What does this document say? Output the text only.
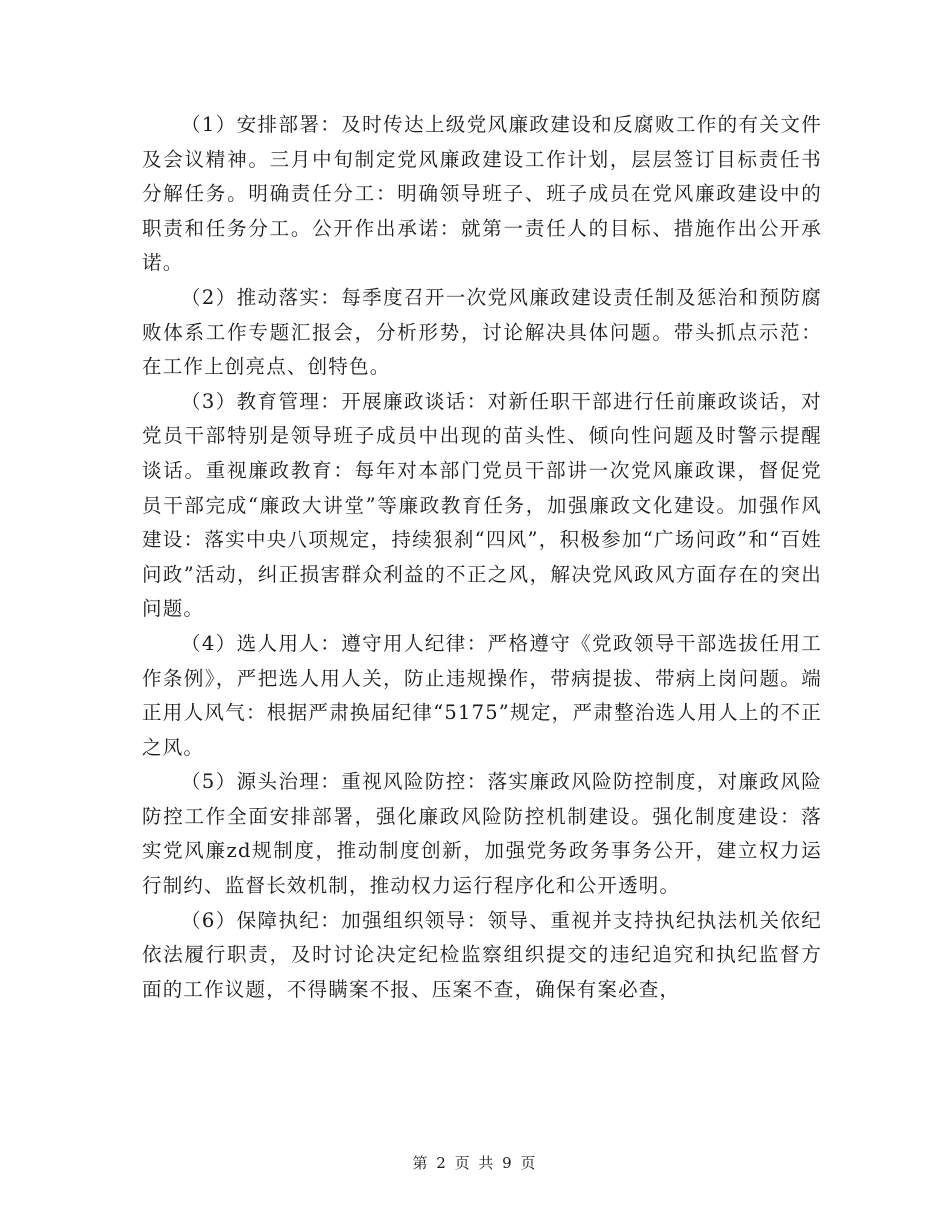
（1）安排部署：及时传达上级党风廉政建设和反腐败工作的有关文件及会议精神。三月中旬制定党风廉政建设工作计划，层层签订目标责任书分解任务。明确责任分工：明确领导班子、班子成员在党风廉政建设中的职责和任务分工。公开作出承诺：就第一责任人的目标、措施作出公开承诺。

（2）推动落实：每季度召开一次党风廉政建设责任制及惩治和预防腐败体系工作专题汇报会，分析形势，讨论解决具体问题。带头抓点示范：在工作上创亮点、创特色。

（3）教育管理：开展廉政谈话：对新任职干部进行任前廉政谈话，对党员干部特别是领导班子成员中出现的苗头性、倾向性问题及时警示提醒谈话。重视廉政教育：每年对本部门党员干部讲一次党风廉政课，督促党员干部完成“廉政大讲堂”等廉政教育任务，加强廉政文化建设。加强作风建设：落实中央八项规定，持续狠刹“四风”，积极参加“广场问政”和“百姓问政”活动，纠正损害群众利益的不正之风，解决党风政风方面存在的突出问题。

（4）选人用人：遵守用人纪律：严格遵守《党政领导干部选拔任用工作条例》，严把选人用人关，防止违规操作，带病提拔、带病上岗问题。端正用人风气：根据严肃换届纪律“5175”规定，严肃整治选人用人上的不正之风。

（5）源头治理：重视风险防控：落实廉政风险防控制度，对廉政风险防控工作全面安排部署，强化廉政风险防控机制建设。强化制度建设：落实党风廉zd规制度，推动制度创新，加强党务政务事务公开，建立权力运行制约、监督长效机制，推动权力运行程序化和公开透明。

（6）保障执纪：加强组织领导：领导、重视并支持执纪执法机关依纪依法履行职责，及时讨论决定纪检监察组织提交的违纪追究和执纪监督方面的工作议题，不得瞒案不报、压案不查，确保有案必查，

第 2 页 共 9 页
